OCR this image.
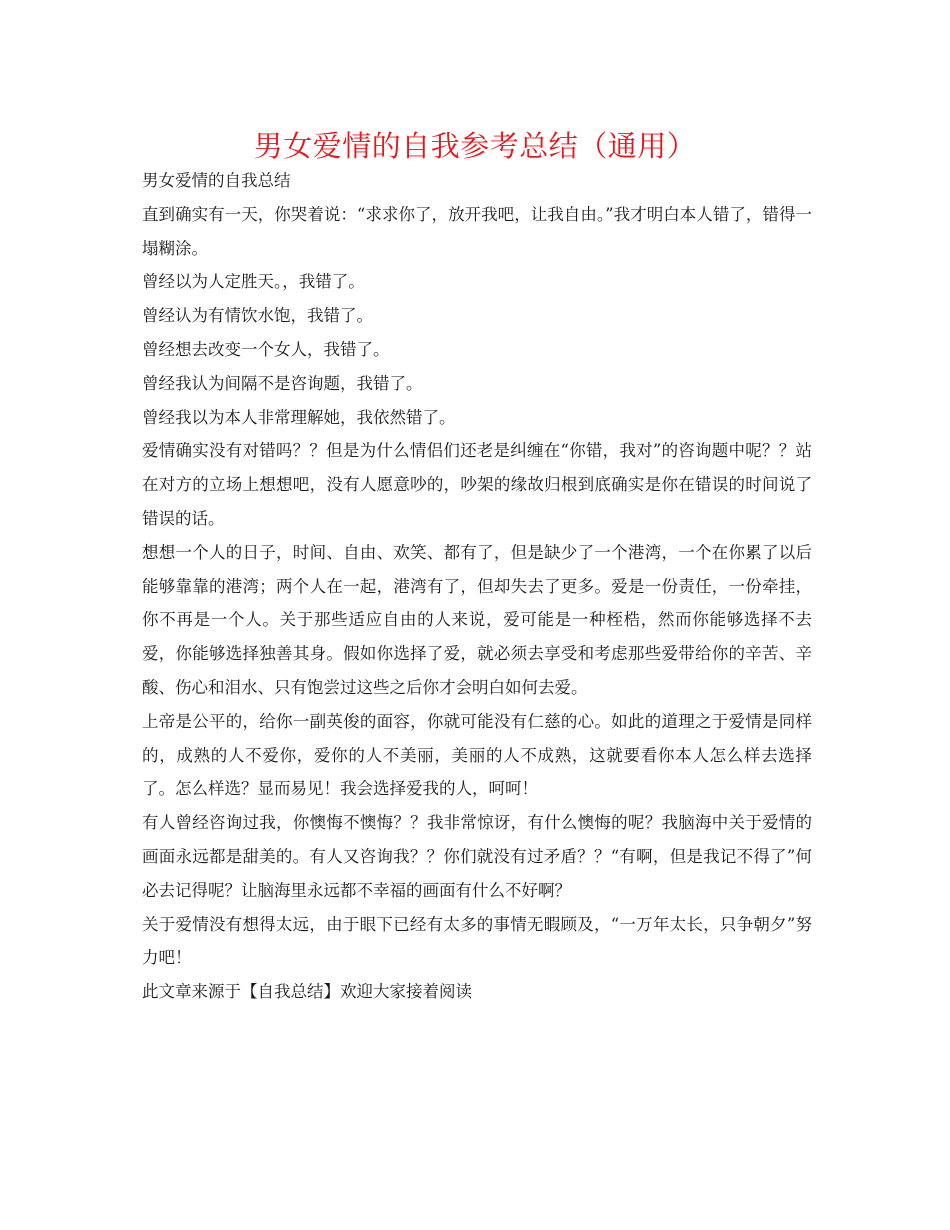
男女爱情的自我参考总结（通用）

男女爱情的自我总结

直到确实有一天，你哭着说：“求求你了，放开我吧，让我自由。”我才明白本人错了，错得一塌糊涂。

曾经以为人定胜天。，我错了。

曾经认为有情饮水饱，我错了。

曾经想去改变一个女人，我错了。

曾经我认为间隔不是咨询题，我错了。

曾经我以为本人非常理解她，我依然错了。

爱情确实没有对错吗？？但是为什么情侣们还老是纠缠在“你错，我对”的咨询题中呢？？站在对方的立场上想想吧，没有人愿意吵的，吵架的缘故归根到底确实是你在错误的时间说了错误的话。

想想一个人的日子，时间、自由、欢笑、都有了，但是缺少了一个港湾，一个在你累了以后能够靠靠的港湾；两个人在一起，港湾有了，但却失去了更多。爱是一份责任，一份牵挂，你不再是一个人。关于那些适应自由的人来说，爱可能是一种桎梏，然而你能够选择不去爱，你能够选择独善其身。假如你选择了爱，就必须去享受和考虑那些爱带给你的辛苦、辛酸、伤心和泪水、只有饱尝过这些之后你才会明白如何去爱。

上帝是公平的，给你一副英俊的面容，你就可能没有仁慈的心。如此的道理之于爱情是同样的，成熟的人不爱你，爱你的人不美丽，美丽的人不成熟，这就要看你本人怎么样去选择了。怎么样选？显而易见！我会选择爱我的人，呵呵！

有人曾经咨询过我，你懊悔不懊悔？？我非常惊讶，有什么懊悔的呢？我脑海中关于爱情的画面永远都是甜美的。有人又咨询我？？你们就没有过矛盾？？“有啊，但是我记不得了”何必去记得呢？让脑海里永远都不幸福的画面有什么不好啊？

关于爱情没有想得太远，由于眼下已经有太多的事情无暇顾及，“一万年太长，只争朝夕”努力吧！

此文章来源于【自我总结】欢迎大家接着阅读
